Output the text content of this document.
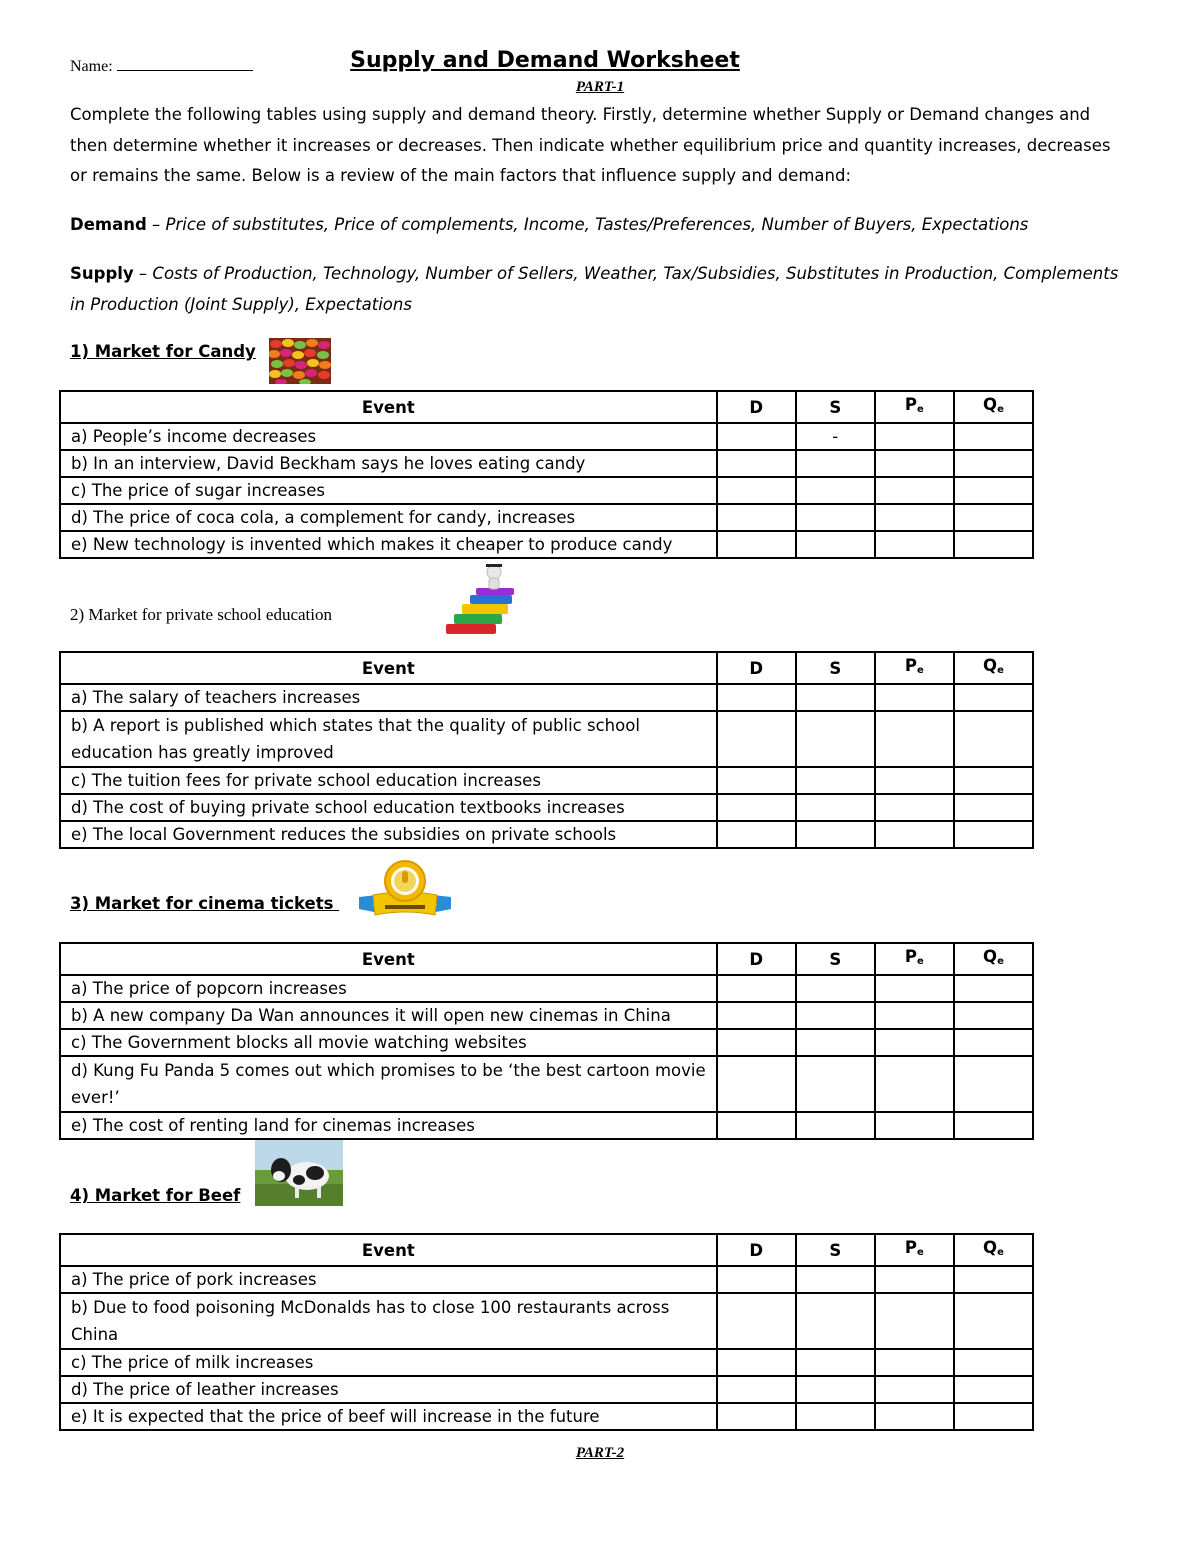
Name:	Supply and Demand Worksheet
PART-1
Complete the following tables using supply and demand theory. Firstly, determine whether Supply or Demand changes and then determine whether it increases or decreases. Then indicate whether equilibrium price and quantity increases, decreases or remains the same. Below is a review of the main factors that influence supply and demand:
Demand – Price of substitutes, Price of complements, Income, Tastes/Preferences, Number of Buyers, Expectations
Supply – Costs of Production, Technology, Number of Sellers, Weather, Tax/Subsidies, Substitutes in Production, Complements in Production (Joint Supply), Expectations
1) Market for Candy
Event	D	S	$P_e$	$Q_e$
a) People’s income decreases		-		
b) In an interview, David Beckham says he loves eating candy				
c) The price of sugar increases				
d) The price of coca cola, a complement for candy, increases				
e) New technology is invented which makes it cheaper to produce candy				
2) Market for private school education
Event	D	S	$P_e$	$Q_e$
a) The salary of teachers increases				
b) A report is published which states that the quality of public school education has greatly improved				
c) The tuition fees for private school education increases				
d) The cost of buying private school education textbooks increases				
e) The local Government reduces the subsidies on private schools				
3) Market for cinema tickets
Event	D	S	$P_e$	$Q_e$
a) The price of popcorn increases				
b) A new company Da Wan announces it will open new cinemas in China				
c) The Government blocks all movie watching websites				
d) Kung Fu Panda 5 comes out which promises to be ‘the best cartoon movie ever!’				
e) The cost of renting land for cinemas increases				
4) Market for Beef
Event	D	S	$P_e$	$Q_e$
a) The price of pork increases				
b) Due to food poisoning McDonalds has to close 100 restaurants across China				
c) The price of milk increases				
d) The price of leather increases				
e) It is expected that the price of beef will increase in the future				
PART-2
